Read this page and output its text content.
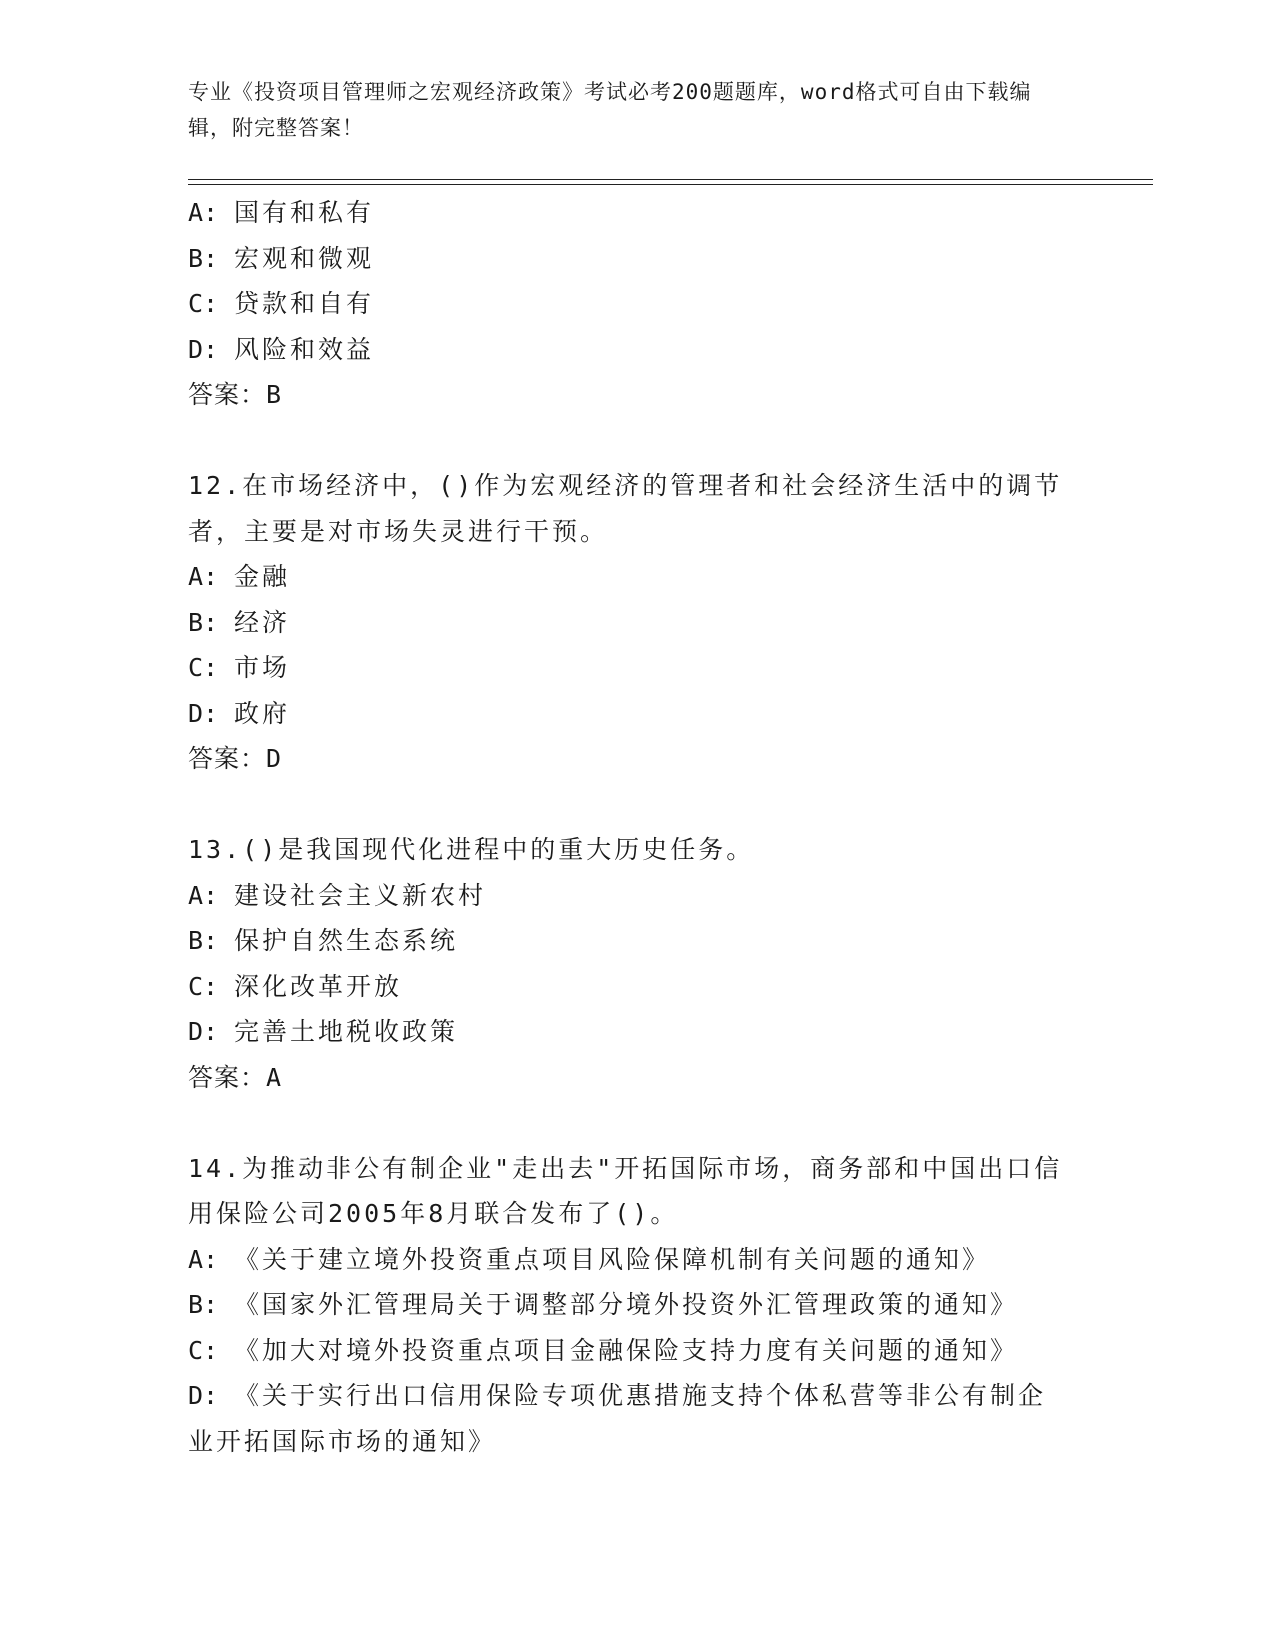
专业《投资项目管理师之宏观经济政策》考试必考200题题库，word格式可自由下载编辑，附完整答案！
A: 国有和私有
B: 宏观和微观
C: 贷款和自有
D: 风险和效益
答案：B
12.在市场经济中，()作为宏观经济的管理者和社会经济生活中的调节者，主要是对市场失灵进行干预。
A: 金融
B: 经济
C: 市场
D: 政府
答案：D
13.()是我国现代化进程中的重大历史任务。
A: 建设社会主义新农村
B: 保护自然生态系统
C: 深化改革开放
D: 完善土地税收政策
答案：A
14.为推动非公有制企业"走出去"开拓国际市场，商务部和中国出口信用保险公司2005年8月联合发布了()。
A: 《关于建立境外投资重点项目风险保障机制有关问题的通知》
B: 《国家外汇管理局关于调整部分境外投资外汇管理政策的通知》
C: 《加大对境外投资重点项目金融保险支持力度有关问题的通知》
D: 《关于实行出口信用保险专项优惠措施支持个体私营等非公有制企业开拓国际市场的通知》
